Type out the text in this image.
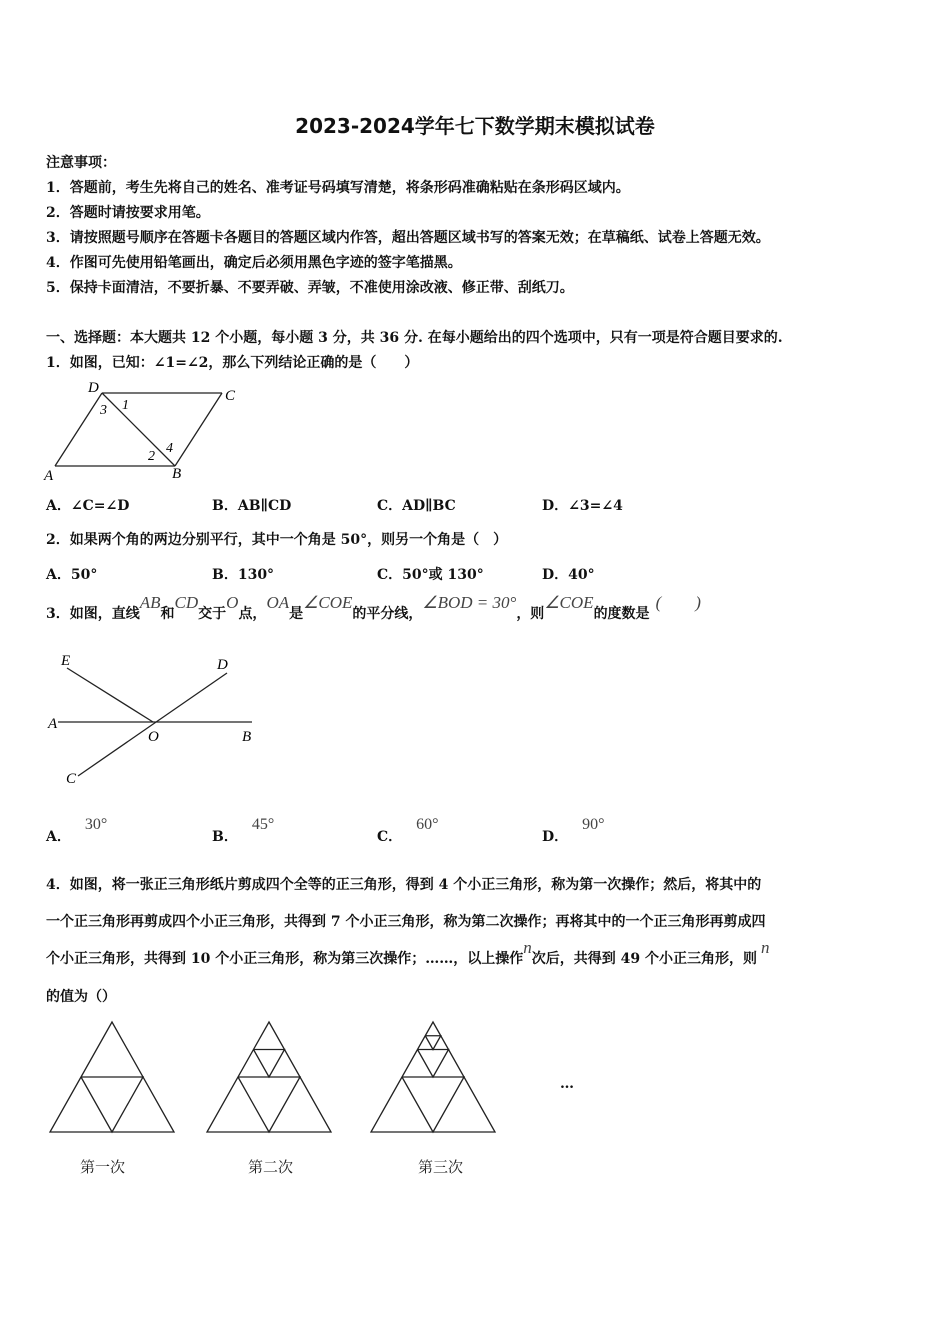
2023-2024学年七下数学期末模拟试卷
注意事项：
1．答题前，考生先将自己的姓名、准考证号码填写清楚，将条形码准确粘贴在条形码区域内。
2．答题时请按要求用笔。
3．请按照题号顺序在答题卡各题目的答题区域内作答，超出答题区域书写的答案无效；在草稿纸、试卷上答题无效。
4．作图可先使用铅笔画出，确定后必须用黑色字迹的签字笔描黑。
5．保持卡面清洁，不要折暴、不要弄破、弄皱，不准使用涂改液、修正带、刮纸刀。
一、选择题：本大题共 12 个小题，每小题 3 分，共 36 分. 在每小题给出的四个选项中，只有一项是符合题目要求的.
1．如图，已知：∠1=∠2，那么下列结论正确的是（　　）
D	C
A	B
1
3
2
4
A．∠C=∠D	B．AB∥CD	C．AD∥BC	D．∠3=∠4
2．如果两个角的两边分别平行，其中一个角是 50°，则另一个角是（　）
A．50°	B．130°	C．50°或 130°	D．40°
3．如图，直线AB和CD交于O点，OA是∠COE的平分线，∠BOD = 30°，则∠COE的度数是(　　)
E	D
A
O	B
C
A．30°
B．45°
C．60°
D．90°
4．如图，将一张正三角形纸片剪成四个全等的正三角形，得到 4 个小正三角形，称为第一次操作；然后，将其中的
一个正三角形再剪成四个小正三角形，共得到 7 个小正三角形，称为第二次操作；再将其中的一个正三角形再剪成四
个小正三角形，共得到 10 个小正三角形，称为第三次操作；……，以上操作n次后，共得到 49 个小正三角形，则n
的值为（）
…
第一次	第二次	第三次
